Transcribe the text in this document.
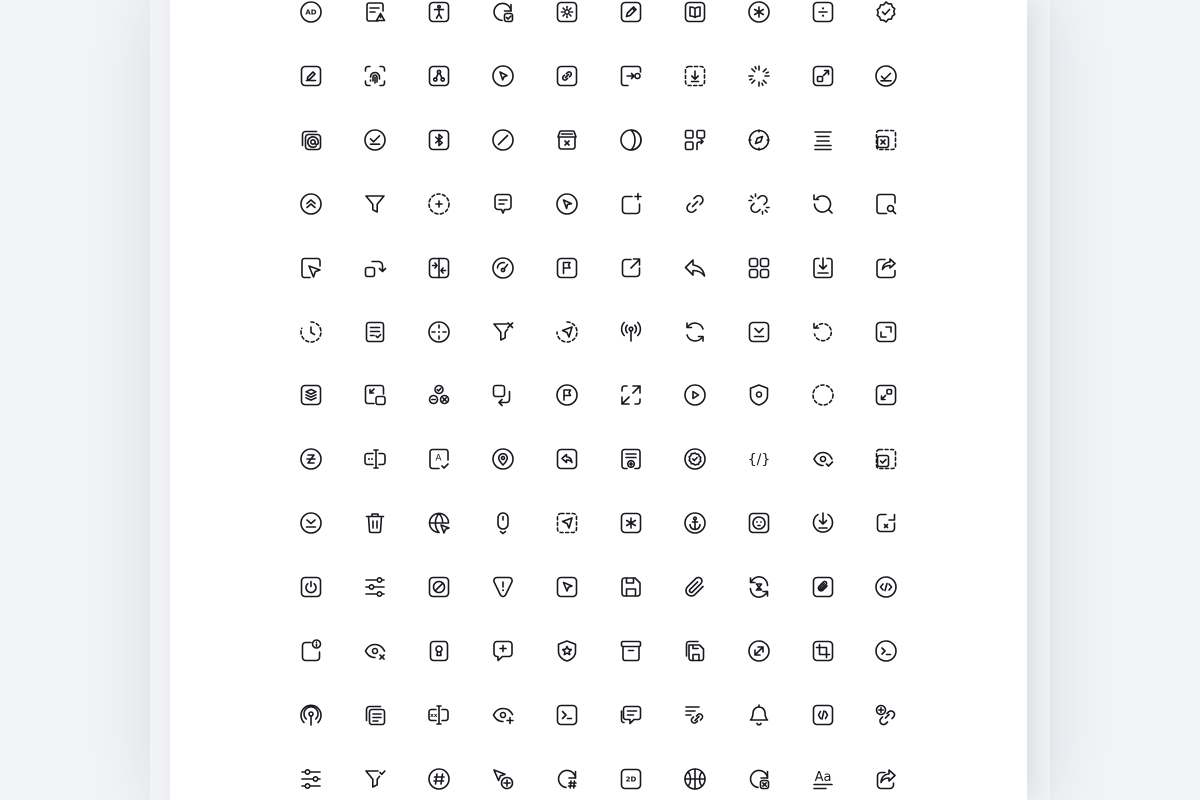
AD
A	{/}
xx
2D	Aa
